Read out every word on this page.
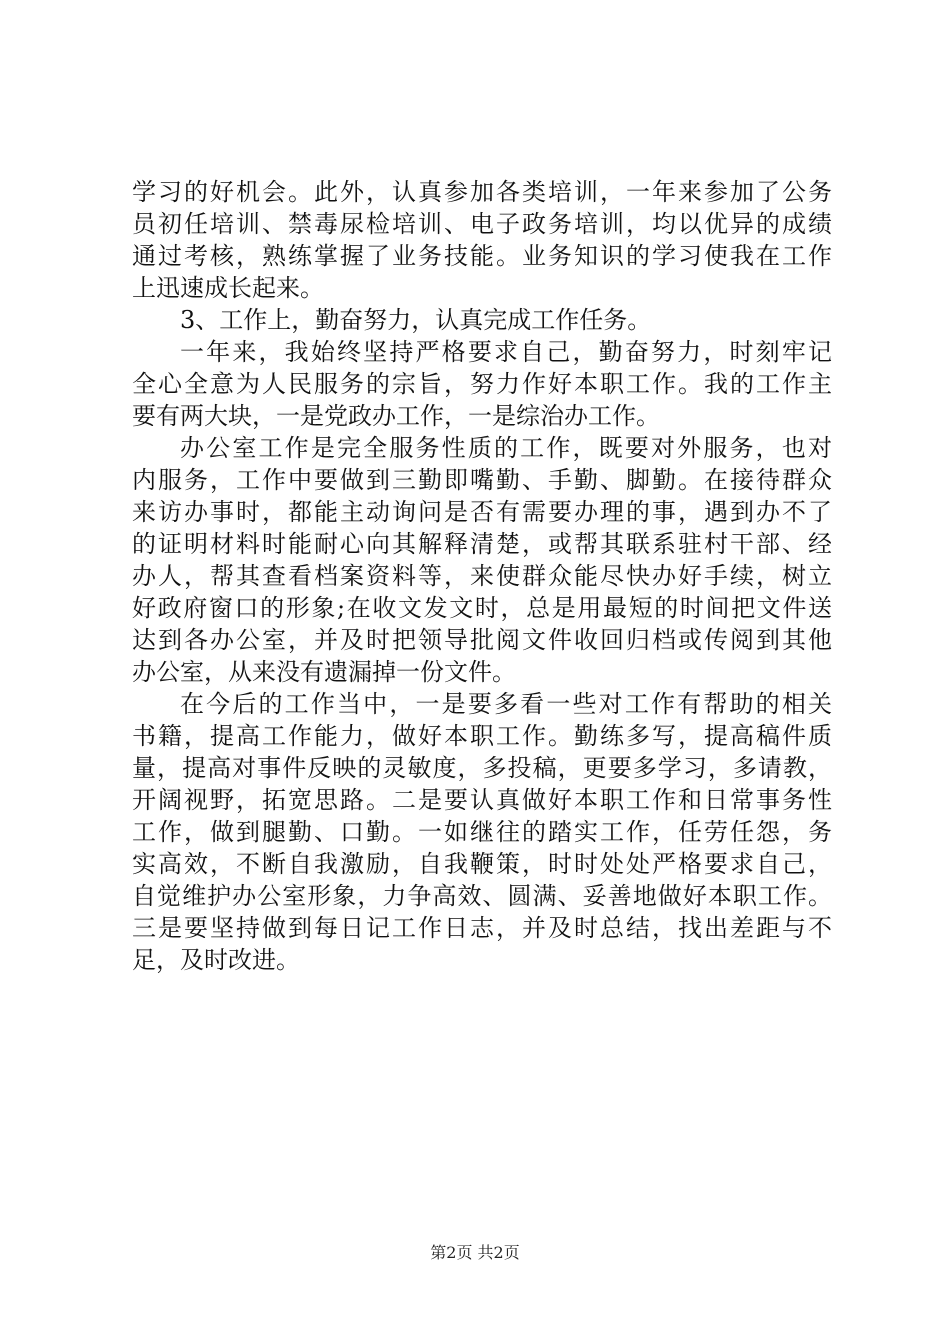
学习的好机会。此外，认真参加各类培训，一年来参加了公务
员初任培训、禁毒尿检培训、电子政务培训，均以优异的成绩
通过考核，熟练掌握了业务技能。业务知识的学习使我在工作
上迅速成长起来。
3、工作上，勤奋努力，认真完成工作任务。
一年来，我始终坚持严格要求自己，勤奋努力，时刻牢记
全心全意为人民服务的宗旨，努力作好本职工作。我的工作主
要有两大块，一是党政办工作，一是综治办工作。
办公室工作是完全服务性质的工作，既要对外服务，也对
内服务，工作中要做到三勤即嘴勤、手勤、脚勤。在接待群众
来访办事时，都能主动询问是否有需要办理的事，遇到办不了
的证明材料时能耐心向其解释清楚，或帮其联系驻村干部、经
办人，帮其查看档案资料等，来使群众能尽快办好手续，树立
好政府窗口的形象;在收文发文时，总是用最短的时间把文件送
达到各办公室，并及时把领导批阅文件收回归档或传阅到其他
办公室，从来没有遗漏掉一份文件。
在今后的工作当中，一是要多看一些对工作有帮助的相关
书籍，提高工作能力，做好本职工作。勤练多写，提高稿件质
量，提高对事件反映的灵敏度，多投稿，更要多学习，多请教，
开阔视野，拓宽思路。二是要认真做好本职工作和日常事务性
工作，做到腿勤、口勤。一如继往的踏实工作，任劳任怨，务
实高效，不断自我激励，自我鞭策，时时处处严格要求自己，
自觉维护办公室形象，力争高效、圆满、妥善地做好本职工作。
三是要坚持做到每日记工作日志，并及时总结，找出差距与不
足，及时改进。
第2页 共2页
